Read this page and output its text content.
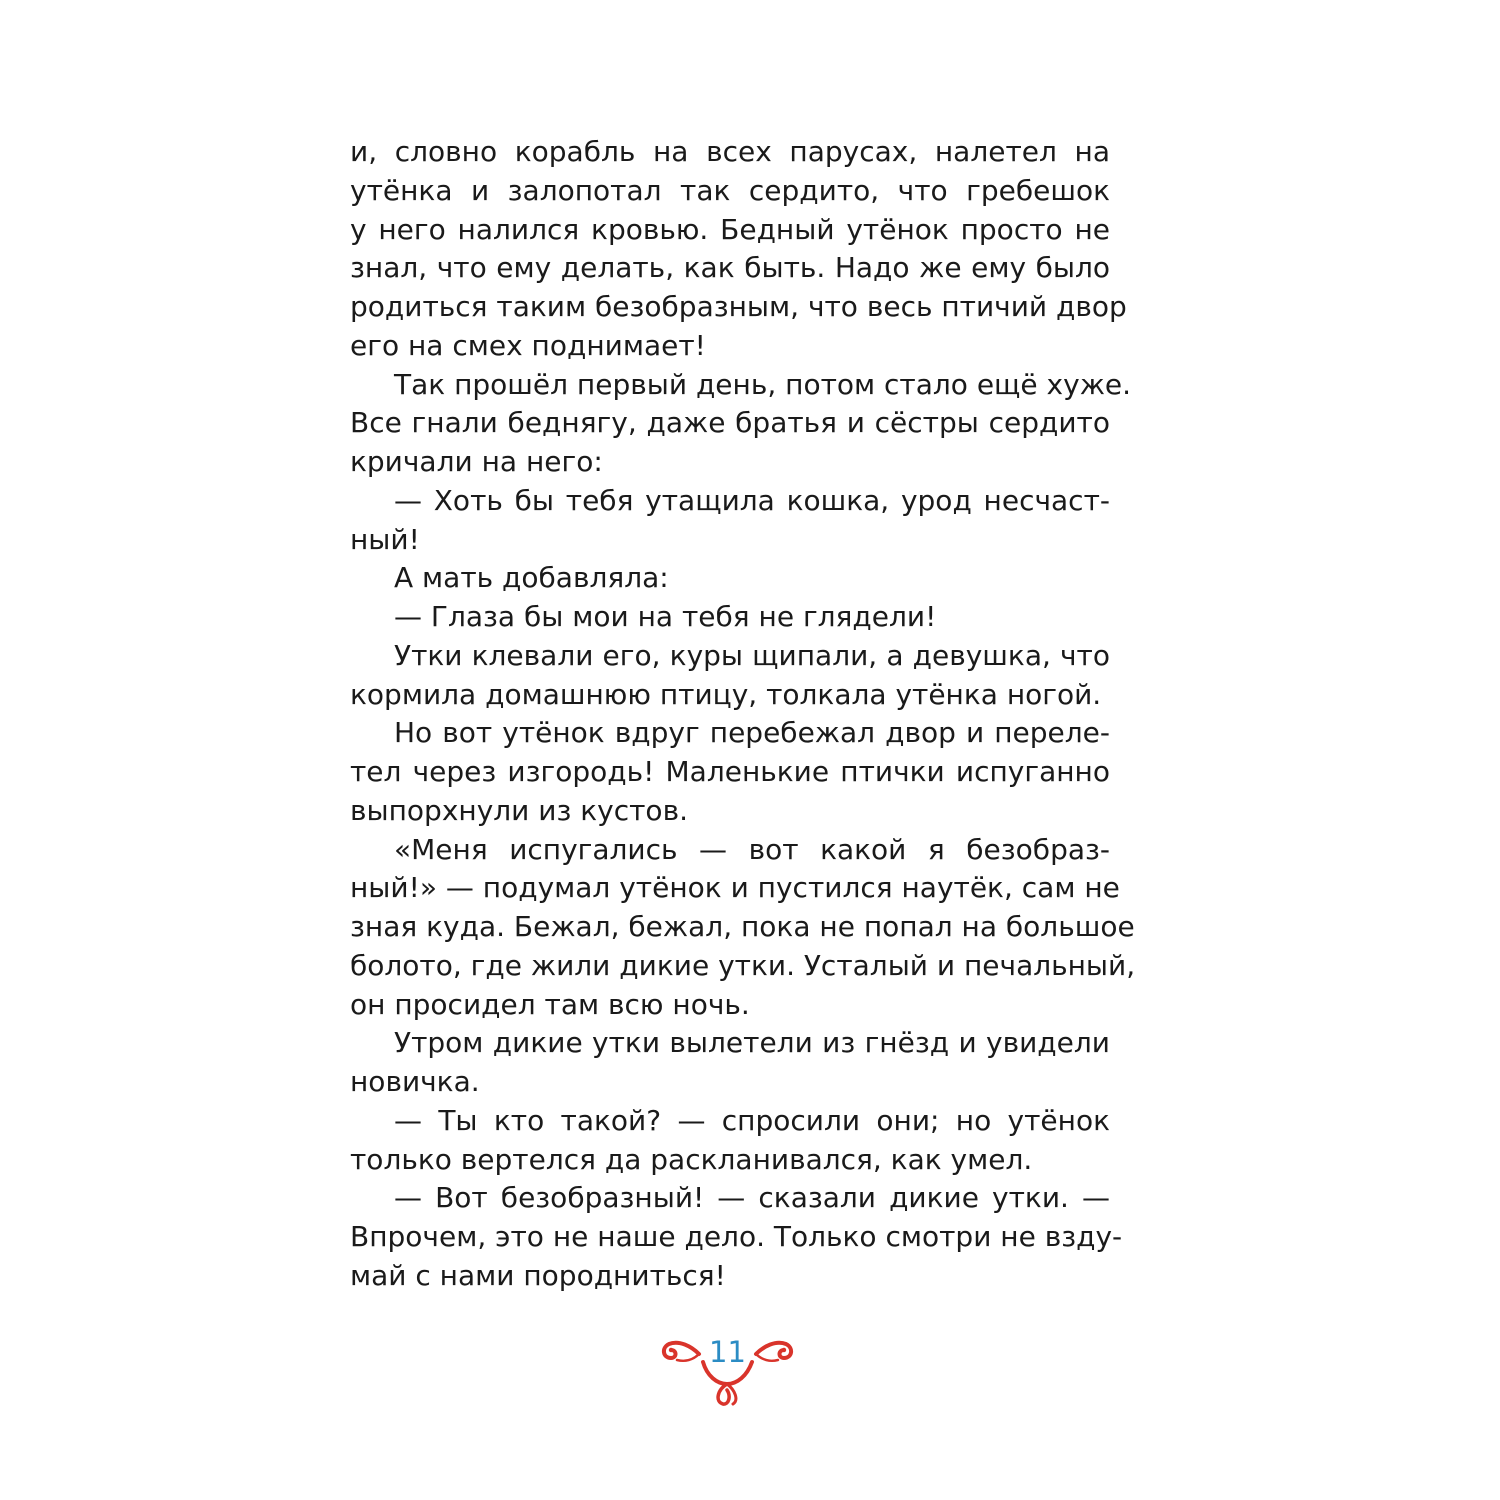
и, словно корабль на всех парусах, налетел на
утёнка и залопотал так сердито, что гребешок
у него налился кровью. Бедный утёнок просто не
знал, что ему делать, как быть. Надо же ему было
родиться таким безобразным, что весь птичий двор
его на смех поднимает!
Так прошёл первый день, потом стало ещё хуже.
Все гнали беднягу, даже братья и сёстры сердито
кричали на него:
— Хоть бы тебя утащила кошка, урод несчаст-
ный!
А мать добавляла:
— Глаза бы мои на тебя не глядели!
Утки клевали его, куры щипали, а девушка, что
кормила домашнюю птицу, толкала утёнка ногой.
Но вот утёнок вдруг перебежал двор и переле-
тел через изгородь! Маленькие птички испуганно
выпорхнули из кустов.
«Меня испугались — вот какой я безобраз-
ный!» — подумал утёнок и пустился наутёк, сам не
зная куда. Бежал, бежал, пока не попал на большое
болото, где жили дикие утки. Усталый и печальный,
он просидел там всю ночь.
Утром дикие утки вылетели из гнёзд и увидели
новичка.
— Ты кто такой? — спросили они; но утёнок
только вертелся да раскланивался, как умел.
— Вот безобразный! — сказали дикие утки. —
Впрочем, это не наше дело. Только смотри не взду-
май с нами породниться!
11
